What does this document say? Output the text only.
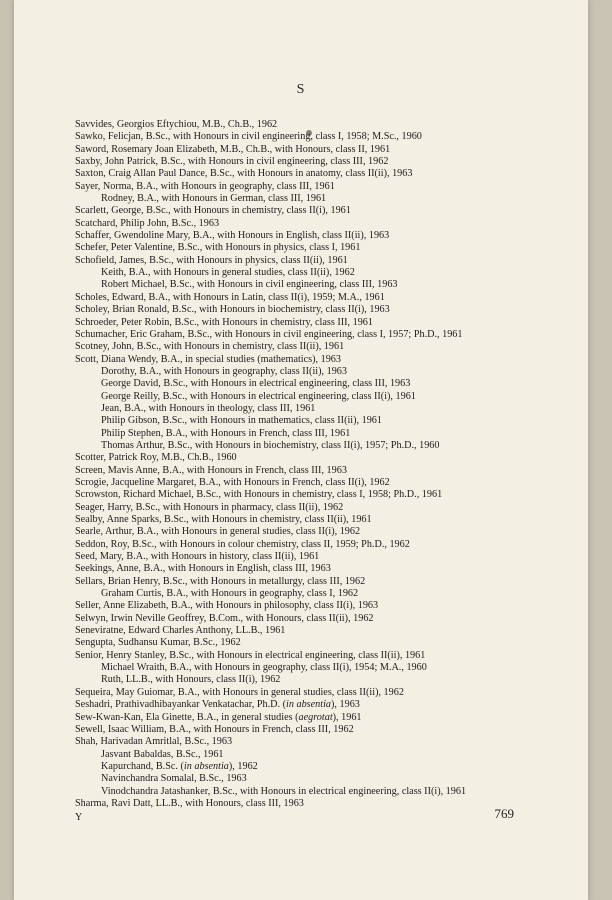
S
Savvides, Georgios Eftychiou, M.B., Ch.B., 1962
Sawko, Felicjan, B.Sc., with Honours in civil engineering, class I, 1958; M.Sc., 1960
Saword, Rosemary Joan Elizabeth, M.B., Ch.B., with Honours, class II, 1961
Saxby, John Patrick, B.Sc., with Honours in civil engineering, class III, 1962
Saxton, Craig Allan Paul Dance, B.Sc., with Honours in anatomy, class II(ii), 1963
Sayer, Norma, B.A., with Honours in geography, class III, 1961
Rodney, B.A., with Honours in German, class III, 1961
Scarlett, George, B.Sc., with Honours in chemistry, class II(i), 1961
Scatchard, Philip John, B.Sc., 1963
Schaffer, Gwendoline Mary, B.A., with Honours in English, class II(ii), 1963
Schefer, Peter Valentine, B.Sc., with Honours in physics, class I, 1961
Schofield, James, B.Sc., with Honours in physics, class II(ii), 1961
Keith, B.A., with Honours in general studies, class II(ii), 1962
Robert Michael, B.Sc., with Honours in civil engineering, class III, 1963
Scholes, Edward, B.A., with Honours in Latin, class II(i), 1959; M.A., 1961
Scholey, Brian Ronald, B.Sc., with Honours in biochemistry, class II(i), 1963
Schroeder, Peter Robin, B.Sc., with Honours in chemistry, class III, 1961
Schumacher, Eric Graham, B.Sc., with Honours in civil engineering, class I, 1957; Ph.D., 1961
Scotney, John, B.Sc., with Honours in chemistry, class II(ii), 1961
Scott, Diana Wendy, B.A., in special studies (mathematics), 1963
Dorothy, B.A., with Honours in geography, class II(ii), 1963
George David, B.Sc., with Honours in electrical engineering, class III, 1963
George Reilly, B.Sc., with Honours in electrical engineering, class II(i), 1961
Jean, B.A., with Honours in theology, class III, 1961
Philip Gibson, B.Sc., with Honours in mathematics, class II(ii), 1961
Philip Stephen, B.A., with Honours in French, class III, 1961
Thomas Arthur, B.Sc., with Honours in biochemistry, class II(i), 1957; Ph.D., 1960
Scotter, Patrick Roy, M.B., Ch.B., 1960
Screen, Mavis Anne, B.A., with Honours in French, class III, 1963
Scrogie, Jacqueline Margaret, B.A., with Honours in French, class II(i), 1962
Scrowston, Richard Michael, B.Sc., with Honours in chemistry, class I, 1958; Ph.D., 1961
Seager, Harry, B.Sc., with Honours in pharmacy, class II(ii), 1962
Sealby, Anne Sparks, B.Sc., with Honours in chemistry, class II(ii), 1961
Searle, Arthur, B.A., with Honours in general studies, class II(i), 1962
Seddon, Roy, B.Sc., with Honours in colour chemistry, class II, 1959; Ph.D., 1962
Seed, Mary, B.A., with Honours in history, class II(ii), 1961
Seekings, Anne, B.A., with Honours in English, class III, 1963
Sellars, Brian Henry, B.Sc., with Honours in metallurgy, class III, 1962
Graham Curtis, B.A., with Honours in geography, class I, 1962
Seller, Anne Elizabeth, B.A., with Honours in philosophy, class II(i), 1963
Selwyn, Irwin Neville Geoffrey, B.Com., with Honours, class II(ii), 1962
Seneviratne, Edward Charles Anthony, LL.B., 1961
Sengupta, Sudhansu Kumar, B.Sc., 1962
Senior, Henry Stanley, B.Sc., with Honours in electrical engineering, class II(ii), 1961
Michael Wraith, B.A., with Honours in geography, class II(i), 1954; M.A., 1960
Ruth, LL.B., with Honours, class II(i), 1962
Sequeira, May Guiomar, B.A., with Honours in general studies, class II(ii), 1962
Seshadri, Prathivadhibayankar Venkatachar, Ph.D. (in absentia), 1963
Sew-Kwan-Kan, Ela Ginette, B.A., in general studies (aegrotat), 1961
Sewell, Isaac William, B.A., with Honours in French, class III, 1962
Shah, Harivadan Amritlal, B.Sc., 1963
Jasvant Babaldas, B.Sc., 1961
Kapurchand, B.Sc. (in absentia), 1962
Navinchandra Somalal, B.Sc., 1963
Vinodchandra Jatashanker, B.Sc., with Honours in electrical engineering, class II(i), 1961
Sharma, Ravi Datt, LL.B., with Honours, class III, 1963
Y	769
